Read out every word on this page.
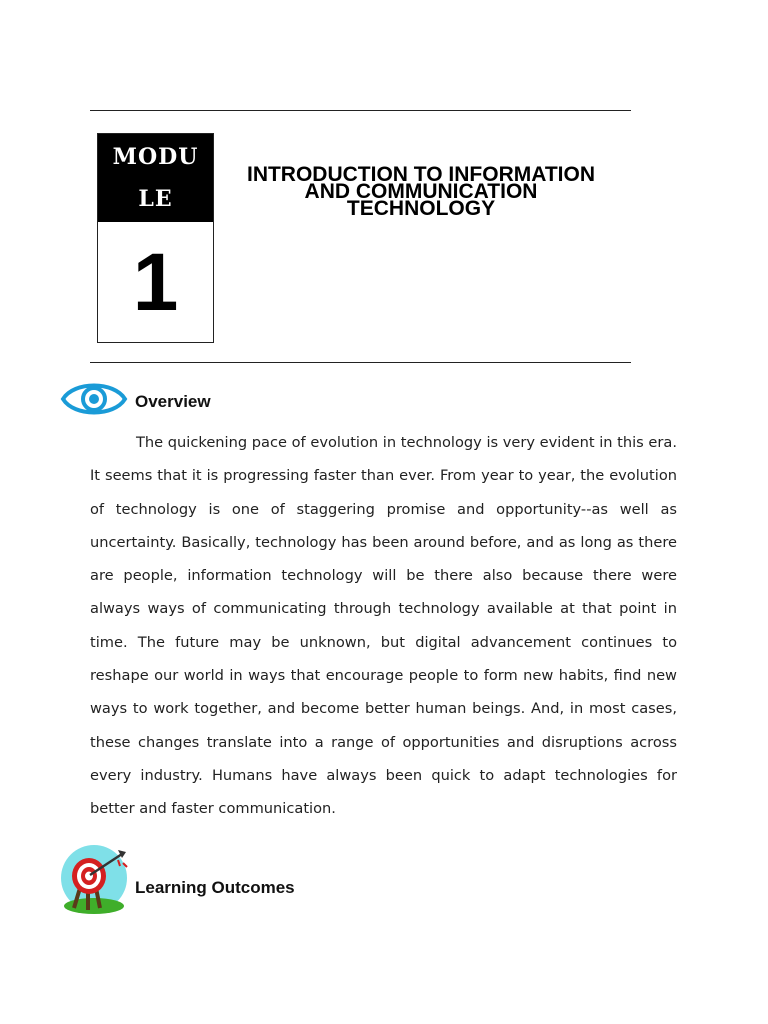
MODU
LE
1
INTRODUCTION TO INFORMATION
AND COMMUNICATION
TECHNOLOGY
Overview

The quickening pace of evolution in technology is very evident in this era. It seems that it is progressing faster than ever. From year to year, the evolution of technology is one of staggering promise and opportunity--as well as uncertainty. Basically, technology has been around before, and as long as there are people, information technology will be there also because there were always ways of communicating through technology available at that point in time. The future may be unknown, but digital advancement continues to reshape our world in ways that encourage people to form new habits, find new ways to work together, and become better human beings. And, in most cases, these changes translate into a range of opportunities and disruptions across every industry. Humans have always been quick to adapt technologies for better and faster communication.

Learning Outcomes
